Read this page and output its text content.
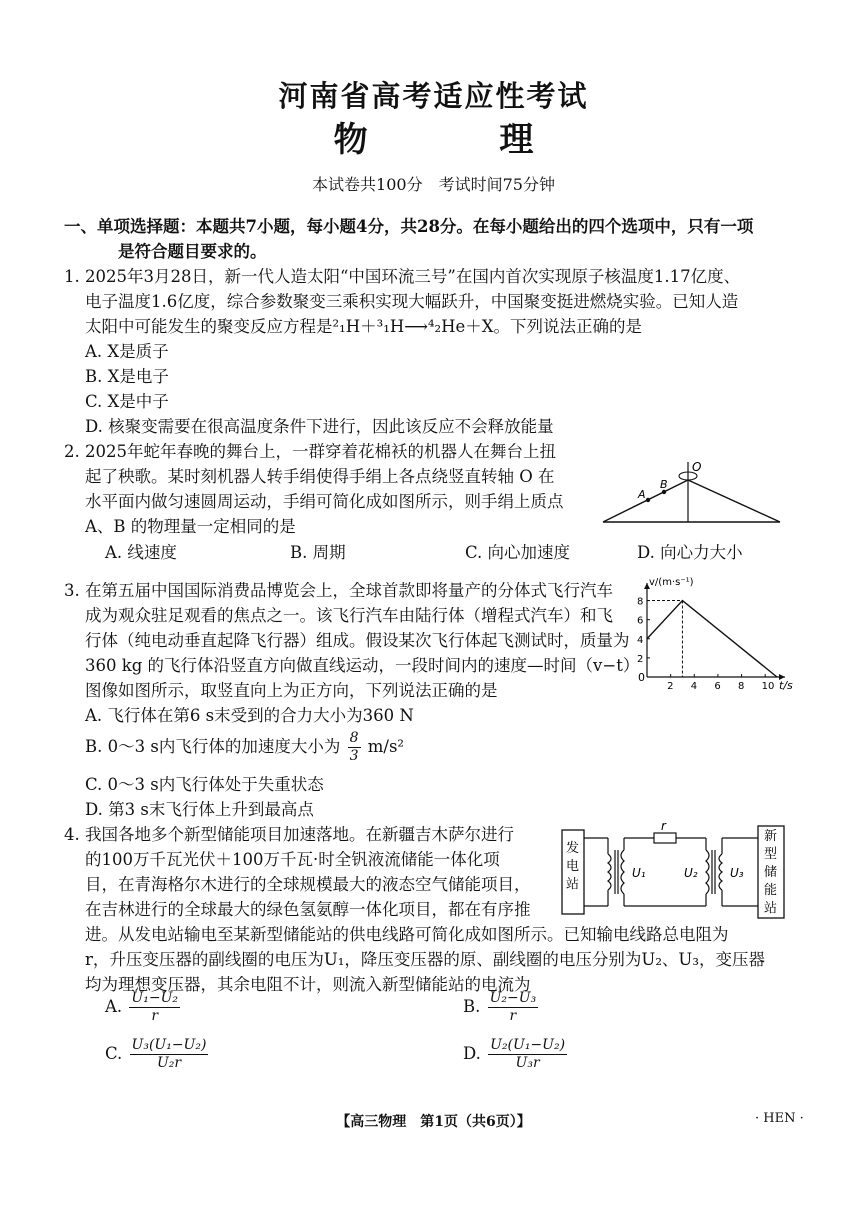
河南省高考适应性考试
物 理
本试卷共100分　考试时间75分钟
一、单项选择题：本题共7小题，每小题4分，共28分。在每小题给出的四个选项中，只有一项
是符合题目要求的。
1. 2025年3月28日，新一代人造太阳“中国环流三号”在国内首次实现原子核温度1.17亿度、
电子温度1.6亿度，综合参数聚变三乘积实现大幅跃升，中国聚变挺进燃烧实验。已知人造
太阳中可能发生的聚变反应方程是²₁H＋³₁H⟶⁴₂He＋X。下列说法正确的是
A. X是质子
B. X是电子
C. X是中子
D. 核聚变需要在很高温度条件下进行，因此该反应不会释放能量
2. 2025年蛇年春晚的舞台上，一群穿着花棉袄的机器人在舞台上扭
起了秧歌。某时刻机器人转手绢使得手绢上各点绕竖直转轴 O 在
水平面内做匀速圆周运动，手绢可简化成如图所示，则手绢上质点
A、B 的物理量一定相同的是
A. 线速度	B. 周期	C. 向心加速度	D. 向心力大小
O
A
B
3. 在第五届中国国际消费品博览会上，全球首款即将量产的分体式飞行汽车
成为观众驻足观看的焦点之一。该飞行汽车由陆行体（增程式汽车）和飞
行体（纯电动垂直起降飞行器）组成。假设某次飞行体起飞测试时，质量为
360 kg 的飞行体沿竖直方向做直线运动，一段时间内的速度—时间（v−t）
图像如图所示，取竖直向上为正方向，下列说法正确的是
A. 飞行体在第6 s末受到的合力大小为360 N
B. 0～3 s内飞行体的加速度大小为 $\frac{8}{3} m/s^2$
C. 0～3 s内飞行体处于失重状态
D. 第3 s末飞行体上升到最高点
t/s
v/(m·s⁻¹)
0
2 4 6 8 10
2
4
6
8
4. 我国各地多个新型储能项目加速落地。在新疆吉木萨尔进行
的100万千瓦光伏＋100万千瓦·时全钒液流储能一体化项
目，在青海格尔木进行的全球规模最大的液态空气储能项目，
在吉林进行的全球最大的绿色氢氨醇一体化项目，都在有序推
进。从发电站输电至某新型储能站的供电线路可简化成如图所示。已知输电线路总电阻为
r，升压变压器的副线圈的电压为U₁，降压变压器的原、副线圈的电压分别为U₂、U₃，变压器
均为理想变压器，其余电阻不计，则流入新型储能站的电流为
发电站
新型储能站
r
U₁	U₂	U₃
A. $\frac{\text{U₁−U₂}}{r}$	B. $\frac{\text{U₂−U₃}}{r}$
C. $\frac{\text{U₃(U₁−U₂)}}{\text{U₂r}}$	D. $\frac{\text{U₂(U₁−U₂)}}{\text{U₃r}}$
【高三物理　第1页（共6页）】	· HEN ·
